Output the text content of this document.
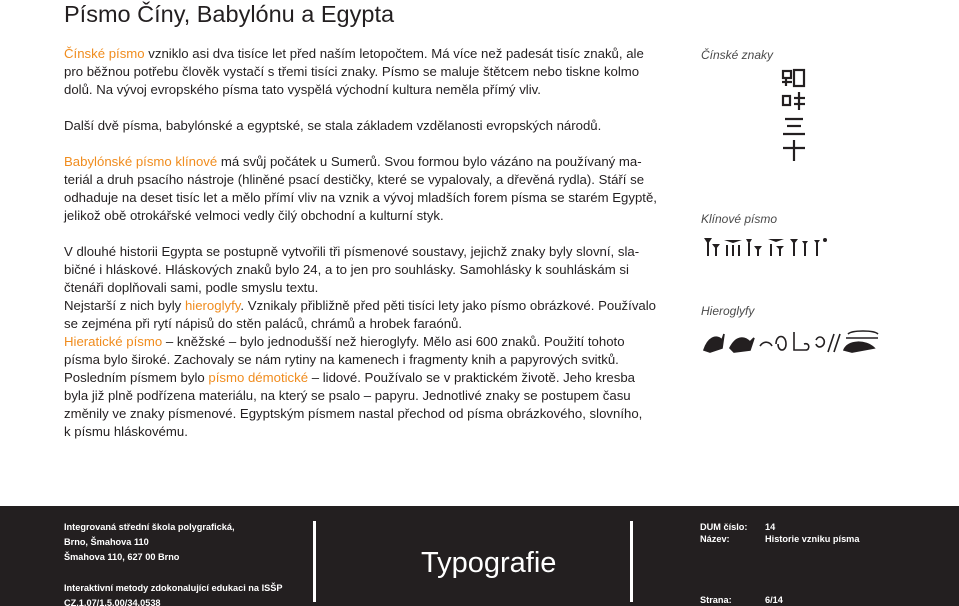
Písmo Číny, Babylónu a Egypta

Čínské písmo vzniklo asi dva tisíce let před naším letopočtem. Má více než padesát tisíc znaků, ale
pro běžnou potřebu člověk vystačí s třemi tisíci znaky. Písmo se maluje štětcem nebo tiskne kolmo
dolů. Na vývoj evropského písma tato vyspělá východní kultura neměla přímý vliv.

Další dvě písma, babylónské a egyptské, se stala základem vzdělanosti evropských národů.

Babylónské písmo klínové má svůj počátek u Sumerů. Svou formou bylo vázáno na používaný ma-
teriál a druh psacího nástroje (hliněné psací destičky, které se vypalovaly, a dřevěná rydla). Stáří se
odhaduje na deset tisíc let a mělo přímí vliv na vznik a vývoj mladších forem písma se starém Egyptě,
jelikož obě otrokářské velmoci vedly čilý obchodní a kulturní styk.

V dlouhé historii Egypta se postupně vytvořili tři písmenové soustavy, jejichž znaky byly slovní, sla-
bičné i hláskové. Hláskových znaků bylo 24, a to jen pro souhlásky. Samohlásky k souhláskám si
čtenáři doplňovali sami, podle smyslu textu.
Nejstarší z nich byly hieroglyfy. Vznikaly přibližně před pěti tisíci lety jako písmo obrázkové. Používalo
se zejména při rytí nápisů do stěn paláců, chrámů a hrobek faraónů.
Hieratické písmo – kněžské – bylo jednodušší než hieroglyfy. Mělo asi 600 znaků. Použití tohoto
písma bylo široké. Zachovaly se nám rytiny na kamenech i fragmenty knih a papyrových svitků.
Posledním písmem bylo písmo démotické – lidové. Používalo se v praktickém životě. Jeho kresba
byla již plně podřízena materiálu, na který se psalo – papyru. Jednotlivé znaky se postupem času
změnily ve znaky písmenové. Egyptským písmem nastal přechod od písma obrázkového, slovního,
k písmu hláskovému.

Čínské znaky
Klínové písmo
Hieroglyfy
Integrovaná střední škola polygrafická,
Brno, Šmahova 110
Šmahova 110, 627 00 Brno
Interaktivní metody zdokonalující edukaci na ISŠP
CZ.1.07/1.5.00/34.0538
Typografie
DUM číslo: 14
Název:	Historie vzniku písma
Strana:	6/14
